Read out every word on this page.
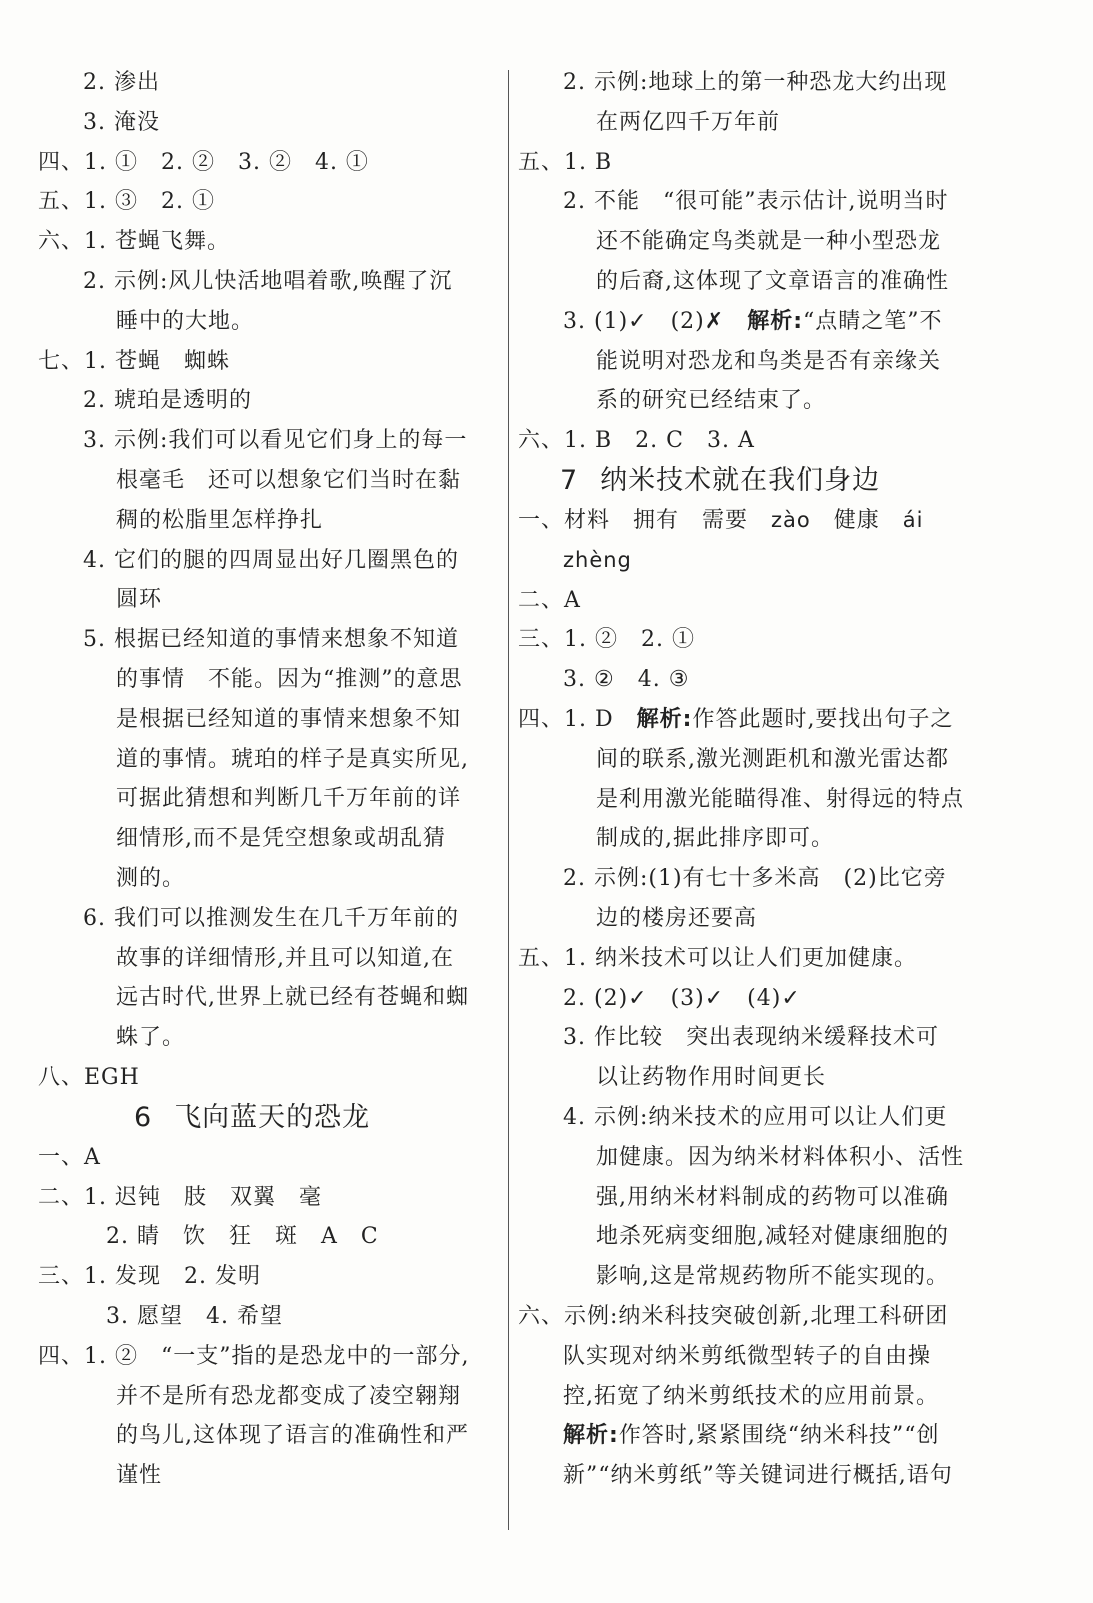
2. 渗出
3. 淹没
四、1. ①　2. ②　3. ②　4. ①
五、1. ③　2. ①
六、1. 苍蝇飞舞。
2. 示例:风儿快活地唱着歌,唤醒了沉
睡中的大地。
七、1. 苍蝇　蜘蛛
2. 琥珀是透明的
3. 示例:我们可以看见它们身上的每一
根毫毛　还可以想象它们当时在黏
稠的松脂里怎样挣扎
4. 它们的腿的四周显出好几圈黑色的
圆环
5. 根据已经知道的事情来想象不知道
的事情　不能。因为“推测”的意思
是根据已经知道的事情来想象不知
道的事情。琥珀的样子是真实所见,
可据此猜想和判断几千万年前的详
细情形,而不是凭空想象或胡乱猜
测的。
6. 我们可以推测发生在几千万年前的
故事的详细情形,并且可以知道,在
远古时代,世界上就已经有苍蝇和蜘
蛛了。
八、EGH
6 飞向蓝天的恐龙
一、A
二、1. 迟钝　肢　双翼　毫
　2. 睛　饮　狂　斑　A　C
三、1. 发现　2. 发明
　3. 愿望　4. 希望
四、1. ②　“一支”指的是恐龙中的一部分,
并不是所有恐龙都变成了凌空翱翔
的鸟儿,这体现了语言的准确性和严
谨性
2. 示例:地球上的第一种恐龙大约出现
在两亿四千万年前
五、1. B
2. 不能　“很可能”表示估计,说明当时
还不能确定鸟类就是一种小型恐龙
的后裔,这体现了文章语言的准确性
3. (1)✓　(2)✗　解析:“点睛之笔”不
能说明对恐龙和鸟类是否有亲缘关
系的研究已经结束了。
六、1. B　2. C　3. A
7 纳米技术就在我们身边
一、材料　拥有　需要　zào　健康　ái
zhèng
二、A
三、1. ②　2. ①
3. ②　4. ③
四、1. D　解析:作答此题时,要找出句子之
间的联系,激光测距机和激光雷达都
是利用激光能瞄得准、射得远的特点
制成的,据此排序即可。
2. 示例:(1)有七十多米高　(2)比它旁
边的楼房还要高
五、1. 纳米技术可以让人们更加健康。
2. (2)✓　(3)✓　(4)✓
3. 作比较　突出表现纳米缓释技术可
以让药物作用时间更长
4. 示例:纳米技术的应用可以让人们更
加健康。因为纳米材料体积小、活性
强,用纳米材料制成的药物可以准确
地杀死病变细胞,减轻对健康细胞的
影响,这是常规药物所不能实现的。
六、示例:纳米科技突破创新,北理工科研团
队实现对纳米剪纸微型转子的自由操
控,拓宽了纳米剪纸技术的应用前景。
解析:作答时,紧紧围绕“纳米科技”“创
新”“纳米剪纸”等关键词进行概括,语句
